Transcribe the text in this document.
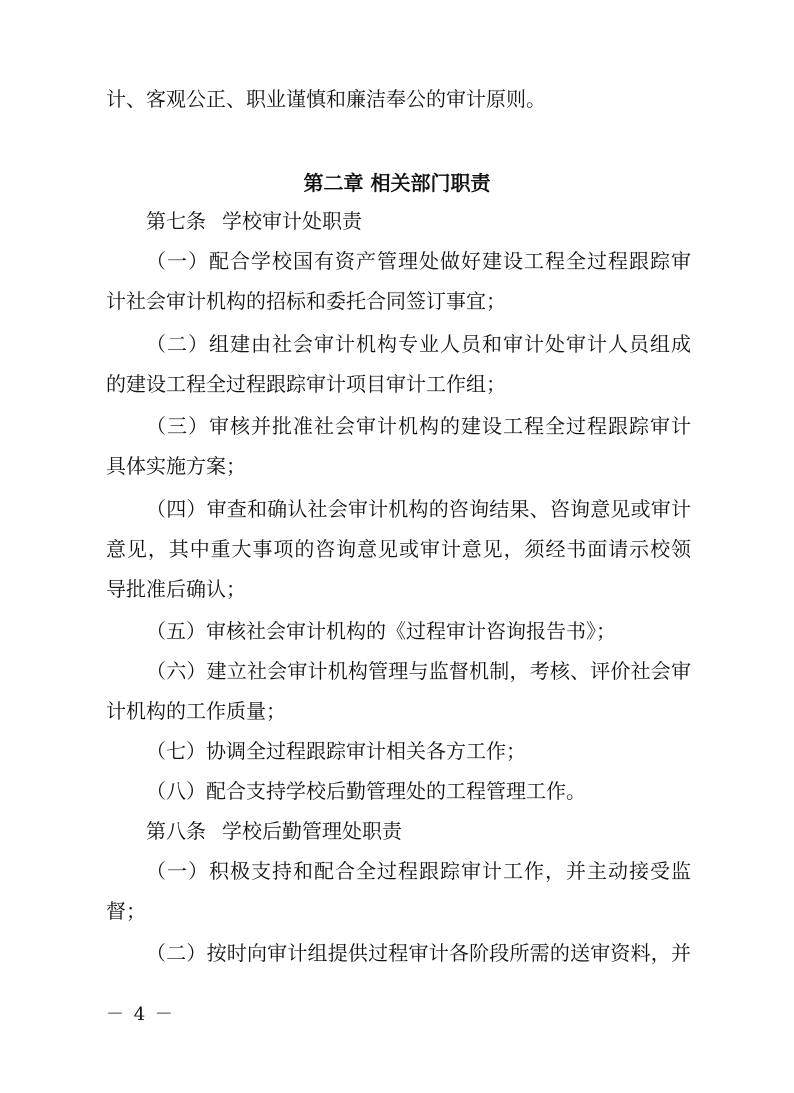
计、客观公正、职业谨慎和廉洁奉公的审计原则。
第二章 相关部门职责
第七条 学校审计处职责
（一）配合学校国有资产管理处做好建设工程全过程跟踪审
计社会审计机构的招标和委托合同签订事宜；
（二）组建由社会审计机构专业人员和审计处审计人员组成
的建设工程全过程跟踪审计项目审计工作组；
（三）审核并批准社会审计机构的建设工程全过程跟踪审计
具体实施方案；
（四）审查和确认社会审计机构的咨询结果、咨询意见或审计
意见，其中重大事项的咨询意见或审计意见，须经书面请示校领
导批准后确认；
（五）审核社会审计机构的《过程审计咨询报告书》；
（六）建立社会审计机构管理与监督机制，考核、评价社会审
计机构的工作质量；
（七）协调全过程跟踪审计相关各方工作；
（八）配合支持学校后勤管理处的工程管理工作。
第八条 学校后勤管理处职责
（一）积极支持和配合全过程跟踪审计工作，并主动接受监
督；
（二）按时向审计组提供过程审计各阶段所需的送审资料，并
－ 4 －
